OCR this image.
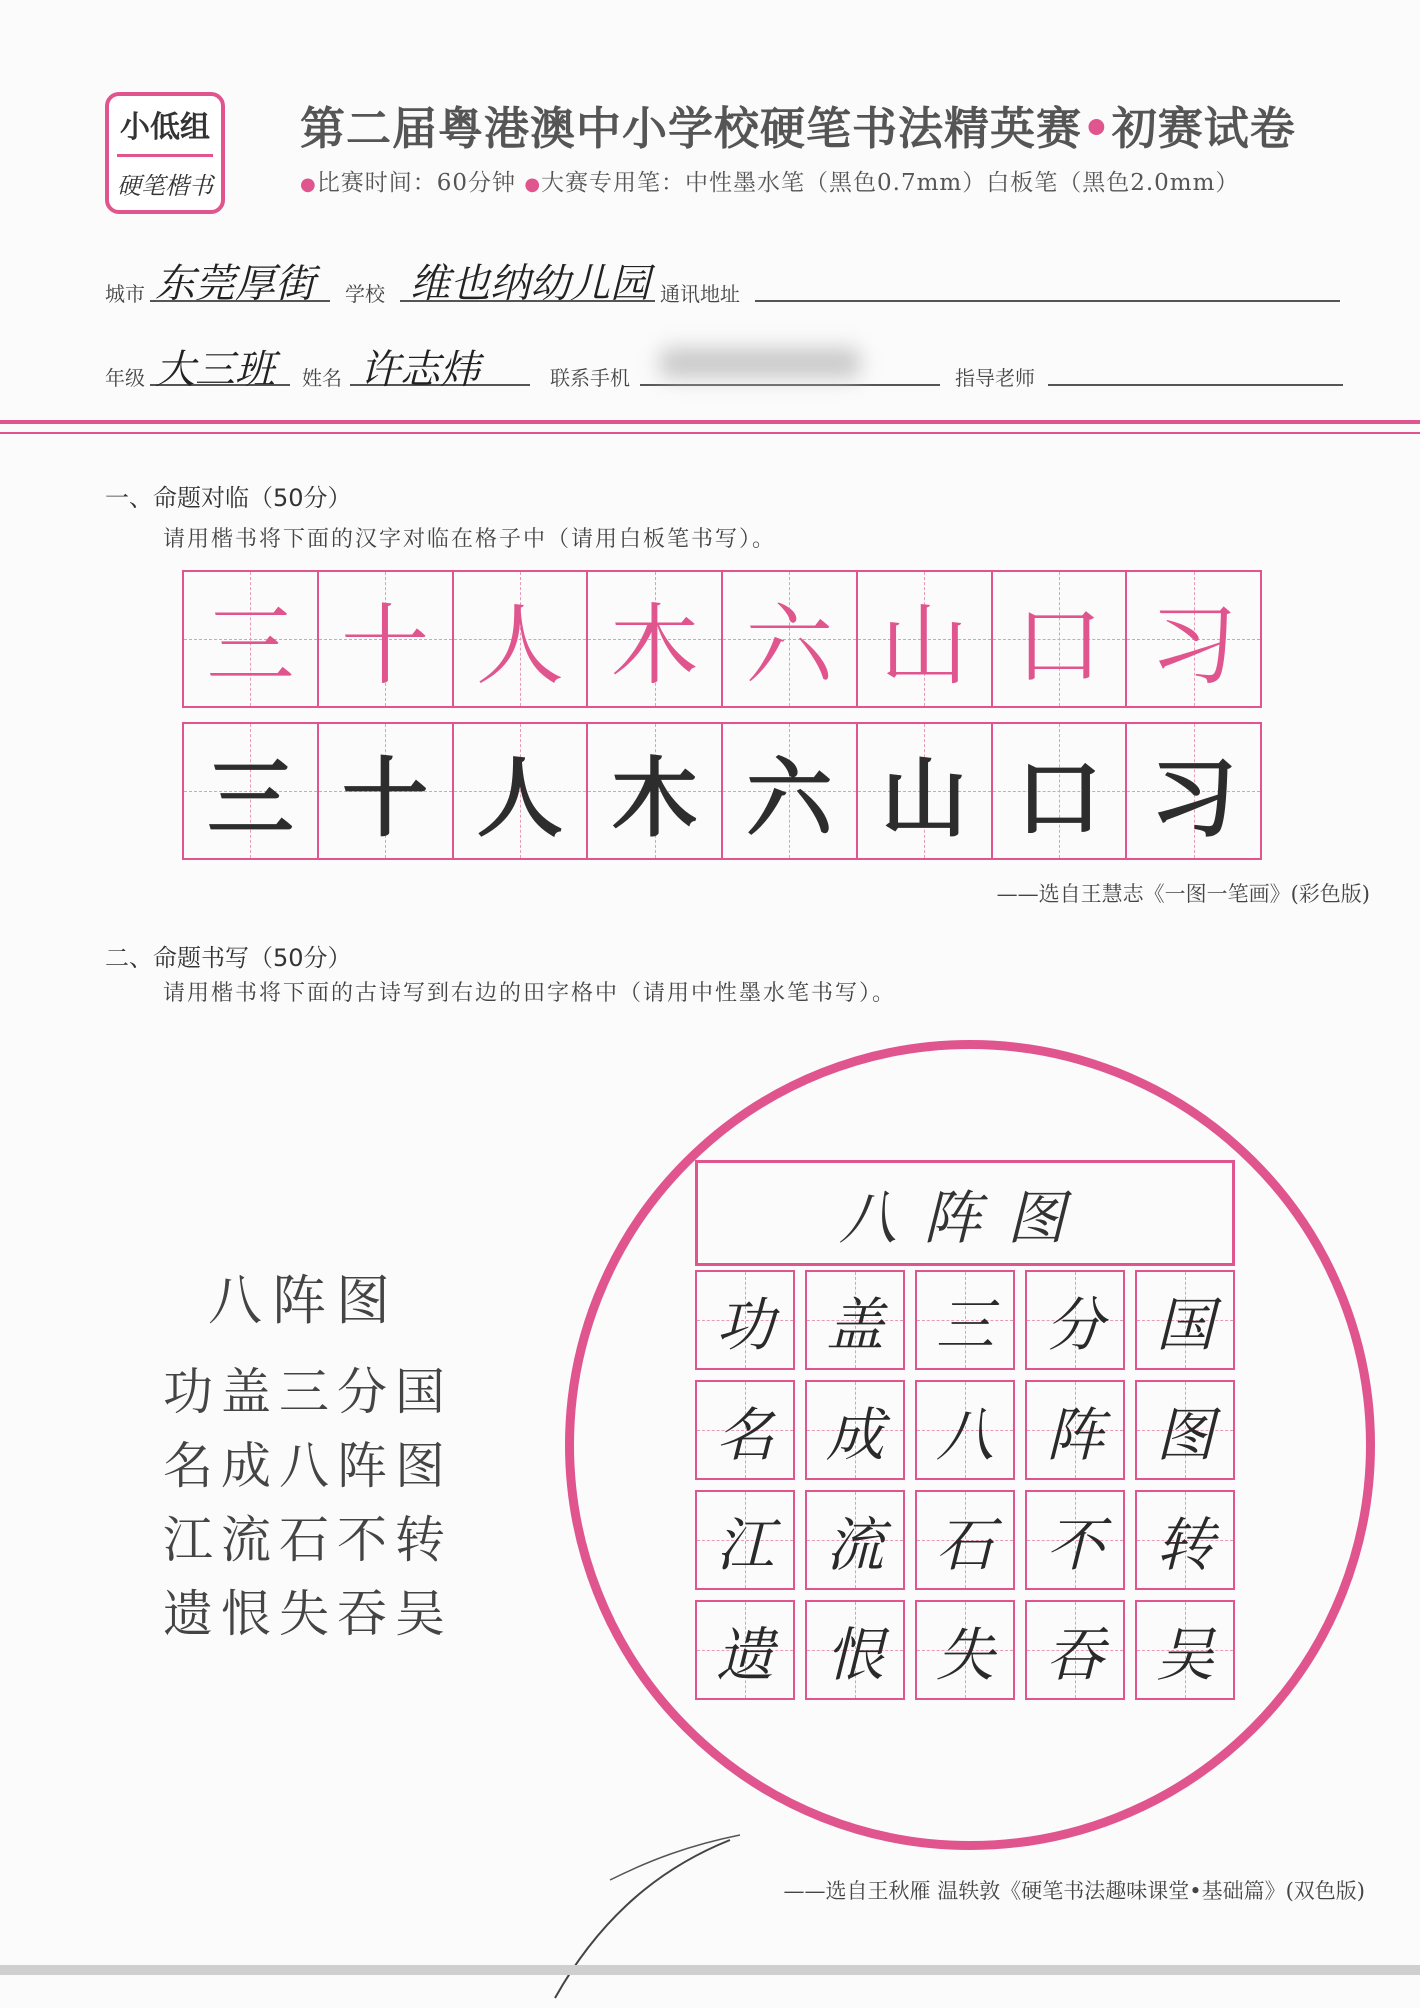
小低组
硬笔楷书
第二届粤港澳中小学校硬笔书法精英赛•初赛试卷
●比赛时间：60分钟 ●大赛专用笔：中性墨水笔（黑色0.7mm）白板笔（黑色2.0mm）
城市 东莞厚街 学校 维也纳幼儿园 通讯地址
年级 大三班 姓名 许志炜	联系手机	指导老师
一、命题对临（50分）
请用楷书将下面的汉字对临在格子中（请用白板笔书写）。
三 十 人 木 六 山 口 习
三 十 人 木 六 山 口 习
——选自王慧志《一图一笔画》(彩色版)
二、命题书写（50分）
请用楷书将下面的古诗写到右边的田字格中（请用中性墨水笔书写）。
八阵图
功盖三分国
名成八阵图
江流石不转
遗恨失吞吴
八阵图
功 盖 三 分 国
名 成 八 阵 图
江 流 石 不 转
遗 恨 失 吞 吴
——选自王秋雁 温轶敦《硬笔书法趣味课堂•基础篇》(双色版)
